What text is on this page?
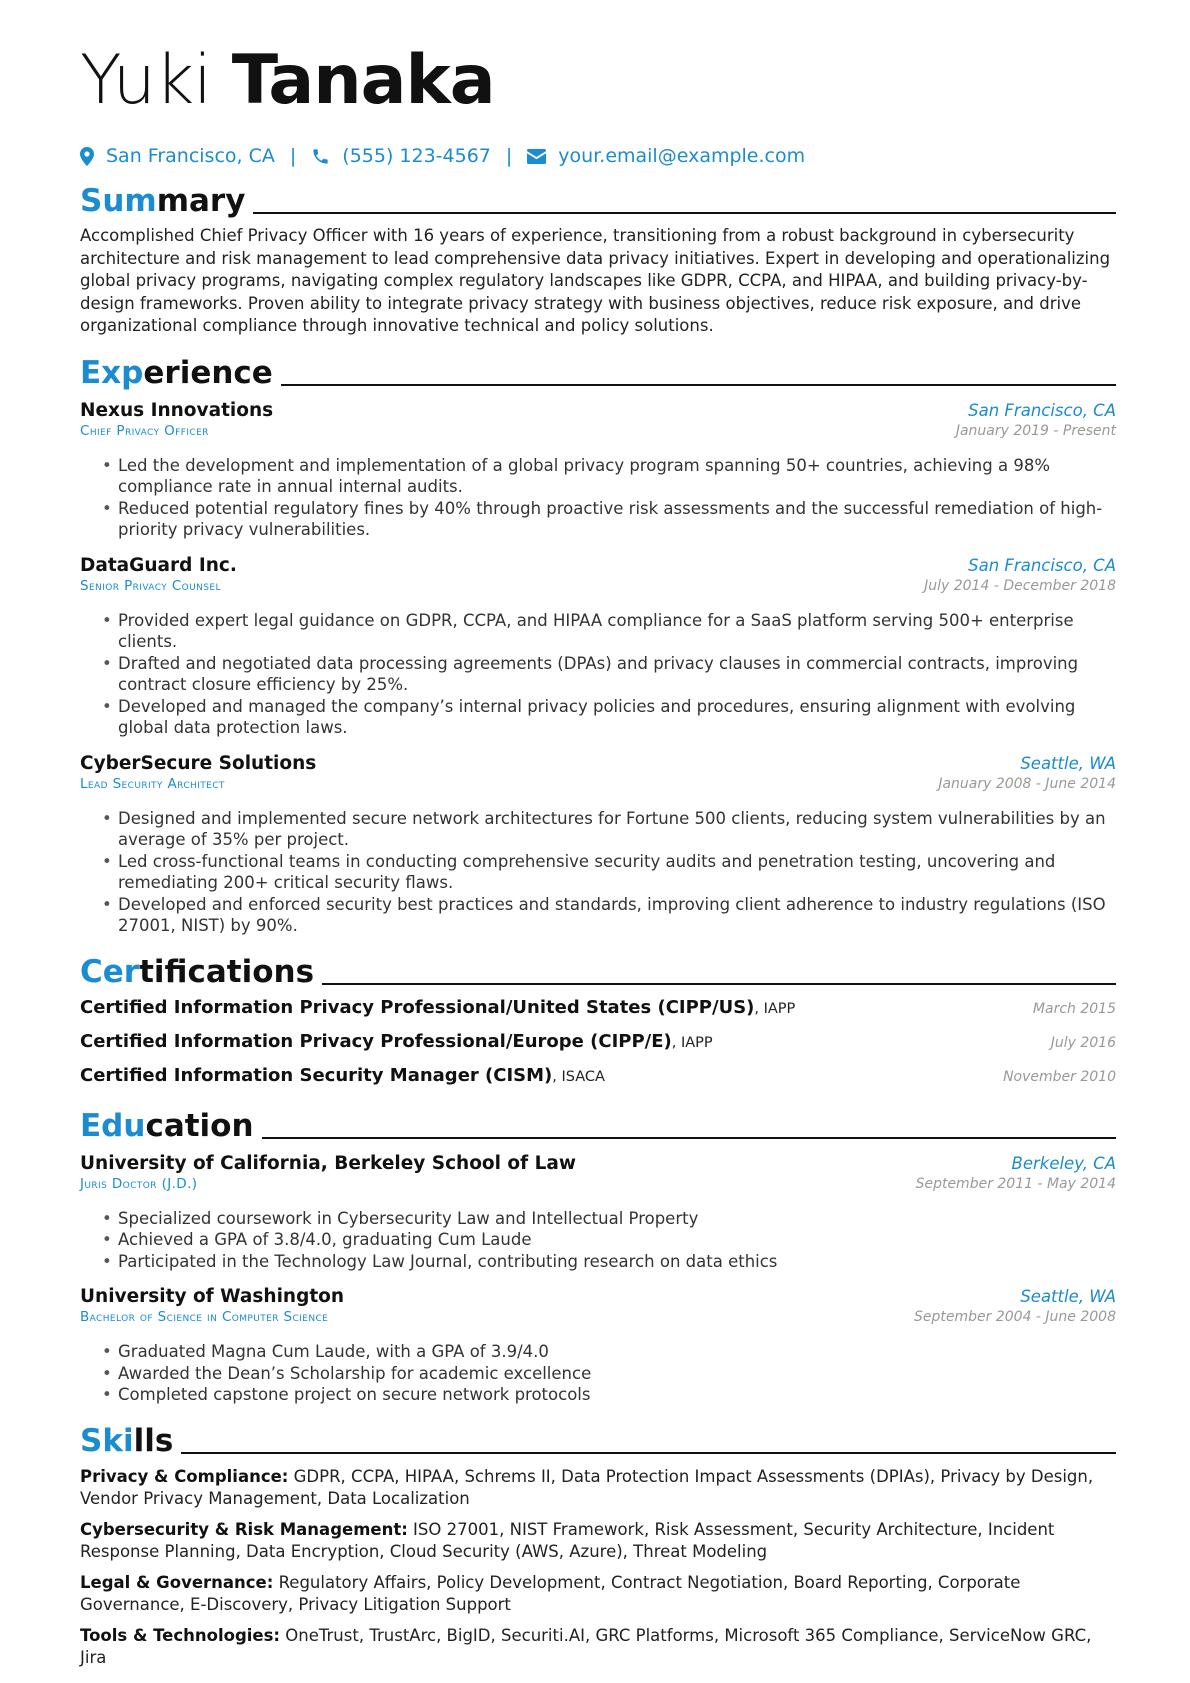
Yuki Tanaka
San Francisco, CA | (555) 123-4567 | your.email@example.com
Summary
Accomplished Chief Privacy Officer with 16 years of experience, transitioning from a robust background in cybersecurity architecture and risk management to lead comprehensive data privacy initiatives. Expert in developing and operationalizing global privacy programs, navigating complex regulatory landscapes like GDPR, CCPA, and HIPAA, and building privacy-by-design frameworks. Proven ability to integrate privacy strategy with business objectives, reduce risk exposure, and drive organizational compliance through innovative technical and policy solutions.
Experience
Nexus Innovations	San Francisco, CA
Chief Privacy Officer	January 2019 - Present
• Led the development and implementation of a global privacy program spanning 50+ countries, achieving a 98% compliance rate in annual internal audits.
• Reduced potential regulatory fines by 40% through proactive risk assessments and the successful remediation of high-priority privacy vulnerabilities.
DataGuard Inc.	San Francisco, CA
Senior Privacy Counsel	July 2014 - December 2018
• Provided expert legal guidance on GDPR, CCPA, and HIPAA compliance for a SaaS platform serving 500+ enterprise clients.
• Drafted and negotiated data processing agreements (DPAs) and privacy clauses in commercial contracts, improving contract closure efficiency by 25%.
• Developed and managed the company’s internal privacy policies and procedures, ensuring alignment with evolving global data protection laws.
CyberSecure Solutions	Seattle, WA
Lead Security Architect	January 2008 - June 2014
• Designed and implemented secure network architectures for Fortune 500 clients, reducing system vulnerabilities by an average of 35% per project.
• Led cross-functional teams in conducting comprehensive security audits and penetration testing, uncovering and remediating 200+ critical security flaws.
• Developed and enforced security best practices and standards, improving client adherence to industry regulations (ISO 27001, NIST) by 90%.
Certifications
Certified Information Privacy Professional/United States (CIPP/US), IAPP	March 2015
Certified Information Privacy Professional/Europe (CIPP/E), IAPP	July 2016
Certified Information Security Manager (CISM), ISACA	November 2010
Education
University of California, Berkeley School of Law	Berkeley, CA
Juris Doctor (J.D.)	September 2011 - May 2014
• Specialized coursework in Cybersecurity Law and Intellectual Property
• Achieved a GPA of 3.8/4.0, graduating Cum Laude
• Participated in the Technology Law Journal, contributing research on data ethics
University of Washington	Seattle, WA
Bachelor of Science in Computer Science	September 2004 - June 2008
• Graduated Magna Cum Laude, with a GPA of 3.9/4.0
• Awarded the Dean’s Scholarship for academic excellence
• Completed capstone project on secure network protocols
Skills
Privacy & Compliance: GDPR, CCPA, HIPAA, Schrems II, Data Protection Impact Assessments (DPIAs), Privacy by Design, Vendor Privacy Management, Data Localization
Cybersecurity & Risk Management: ISO 27001, NIST Framework, Risk Assessment, Security Architecture, Incident Response Planning, Data Encryption, Cloud Security (AWS, Azure), Threat Modeling
Legal & Governance: Regulatory Affairs, Policy Development, Contract Negotiation, Board Reporting, Corporate Governance, E-Discovery, Privacy Litigation Support
Tools & Technologies: OneTrust, TrustArc, BigID, Securiti.AI, GRC Platforms, Microsoft 365 Compliance, ServiceNow GRC, Jira
